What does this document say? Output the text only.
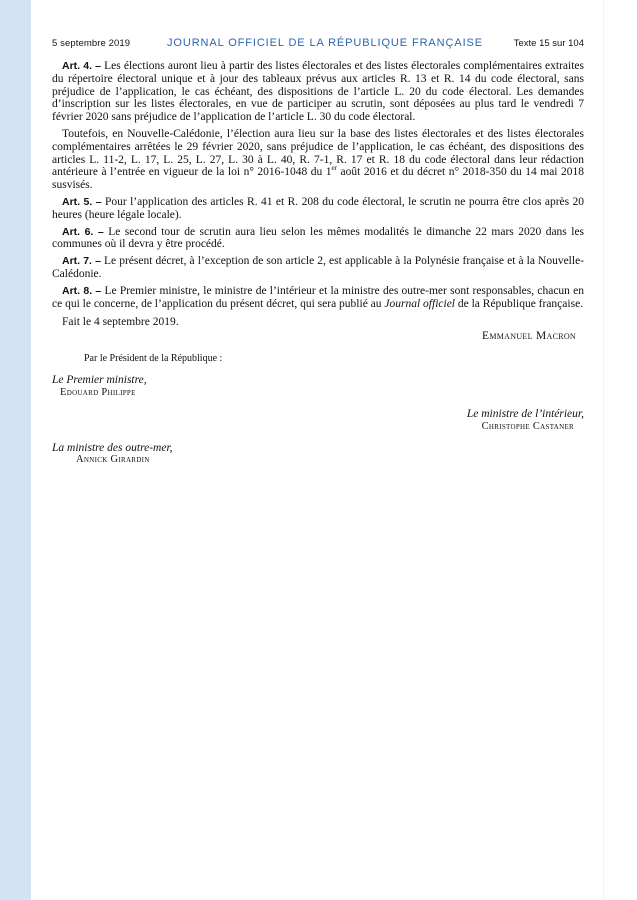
5 septembre 2019	JOURNAL OFFICIEL DE LA RÉPUBLIQUE FRANÇAISE	Texte 15 sur 104

Art. 4. – Les élections auront lieu à partir des listes électorales et des listes électorales complémentaires extraites du répertoire électoral unique et à jour des tableaux prévus aux articles R. 13 et R. 14 du code électoral, sans préjudice de l’application, le cas échéant, des dispositions de l’article L. 20 du code électoral. Les demandes d’inscription sur les listes électorales, en vue de participer au scrutin, sont déposées au plus tard le vendredi 7 février 2020 sans préjudice de l’application de l’article L. 30 du code électoral.

Toutefois, en Nouvelle-Calédonie, l’élection aura lieu sur la base des listes électorales et des listes électorales complémentaires arrêtées le 29 février 2020, sans préjudice de l’application, le cas échéant, des dispositions des articles L. 11-2, L. 17, L. 25, L. 27, L. 30 à L. 40, R. 7-1, R. 17 et R. 18 du code électoral dans leur rédaction antérieure à l’entrée en vigueur de la loi n° 2016-1048 du 1er août 2016 et du décret n° 2018-350 du 14 mai 2018 susvisés.

Art. 5. – Pour l’application des articles R. 41 et R. 208 du code électoral, le scrutin ne pourra être clos après 20 heures (heure légale locale).

Art. 6. – Le second tour de scrutin aura lieu selon les mêmes modalités le dimanche 22 mars 2020 dans les communes où il devra y être procédé.

Art. 7. – Le présent décret, à l’exception de son article 2, est applicable à la Polynésie française et à la Nouvelle-Calédonie.

Art. 8. – Le Premier ministre, le ministre de l’intérieur et la ministre des outre-mer sont responsables, chacun en ce qui le concerne, de l’application du présent décret, qui sera publié au Journal officiel de la République française.

Fait le 4 septembre 2019.
Emmanuel Macron
Par le Président de la République :
Le Premier ministre,
Edouard Philippe
Le ministre de l’intérieur,
Christophe Castaner
La ministre des outre-mer,
Annick Girardin
